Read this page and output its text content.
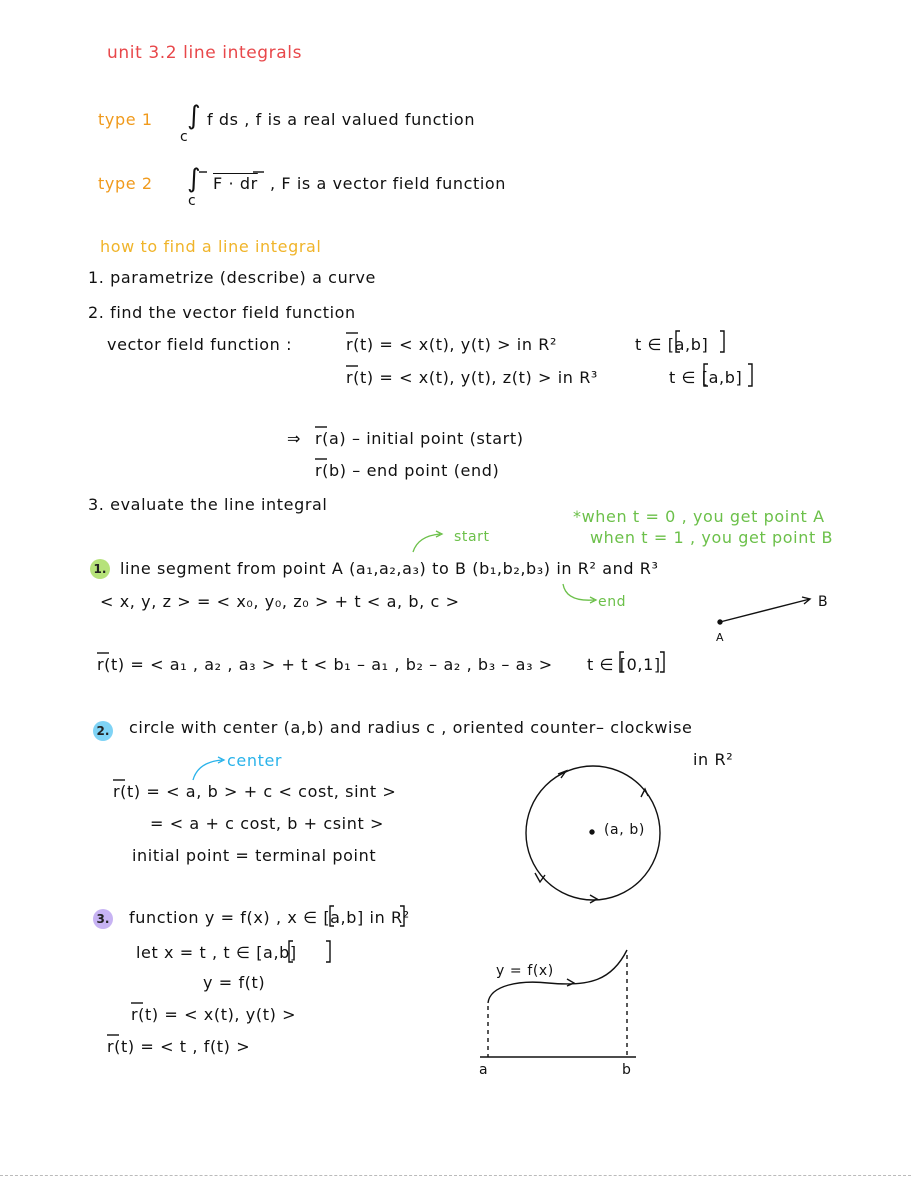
unit 3.2 line integrals
type 1 ∫
c
f ds , f is a real valued function
type 2 ∫
c
F · dr , F is a vector field function
how to find a line integral
1. parametrize (describe) a curve
2. find the vector field function
vector field function :	r(t) = < x(t), y(t) > in R²	t ∈ [a,b]
r(t) = < x(t), y(t), z(t) > in R³	t ∈ [a,b]
⇒ r(a) – initial point (start)
r(b) – end point (end)
3. evaluate the line integral
*when t = 0 , you get point A
when t = 1 , you get point B
start
end
1. line segment from point A (a₁,a₂,a₃) to B (b₁,b₂,b₃) in R² and R³
< x, y, z > = < x₀, y₀, z₀ > + t < a, b, c >
r(t) = < a₁ , a₂ , a₃ > + t < b₁ – a₁ , b₂ – a₂ , b₃ – a₃ > t ∈ [0,1]
A
B
2. circle with center (a,b) and radius c , oriented counter– clockwise
in R²
center
r(t) = < a, b > + c < cost, sint >
= < a + c cost, b + csint >
initial point = terminal point
(a, b)
3. function y = f(x) , x ∈ [a,b] in R²
let x = t , t ∈ [a,b]
y = f(t)
r(t) = < x(t), y(t) >
r(t) = < t , f(t) >
y = f(x)
a	b
